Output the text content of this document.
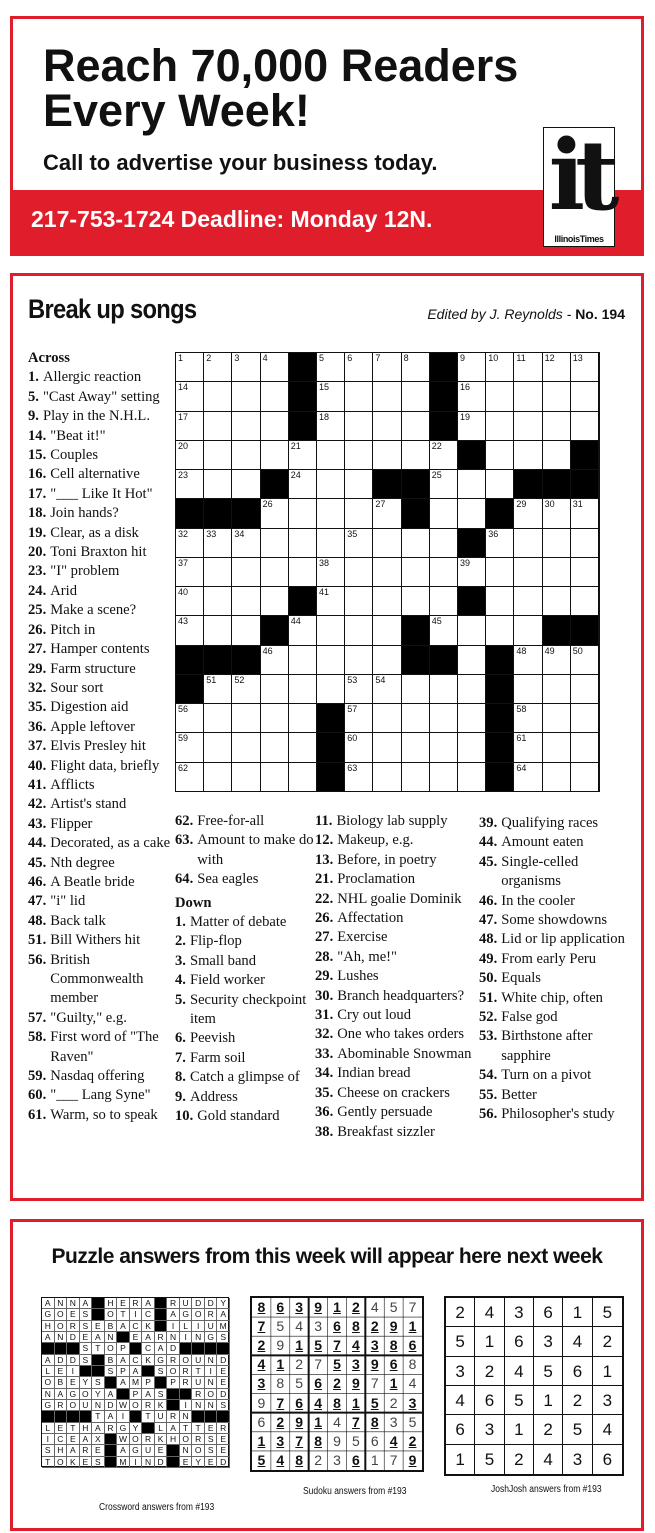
Reach 70,000 Readers Every Week!
Call to advertise your business today.
217-753-1724 Deadline: Monday 12N. it
IllinoisTimes
Break up songs	Edited by J. Reynolds - No. 194
Across
1. Allergic reaction
5. "Cast Away" setting
9. Play in the N.H.L.
14. "Beat it!"
15. Couples
16. Cell alternative
17. "___ Like It Hot"
18. Join hands?
19. Clear, as a disk
20. Toni Braxton hit
23. "I" problem
24. Arid
25. Make a scene?
26. Pitch in
27. Hamper contents
29. Farm structure
32. Sour sort
35. Digestion aid
36. Apple leftover
37. Elvis Presley hit
40. Flight data, briefly
41. Afflicts
42. Artist's stand
43. Flipper
44. Decorated, as a cake
45. Nth degree
46. A Beatle bride
47. "i" lid
48. Back talk
51. Bill Withers hit
56. British Commonwealth member
57. "Guilty," e.g.
58. First word of "The Raven"
59. Nasdaq offering
60. "___ Lang Syne"
61. Warm, so to speak
1	2	3	4	5	6	7	8	9	10 11 12 13
14	15	16
17	18	19
20	21	22
23	24	25
26	27	29 30 31
32 33 34	35	36
37	38	39
40	41
43	44	45
46	48 49 50
51 52	53 54
56	57	58
59	60	61
62	63	64
62. Free-for-all
63. Amount to make do with
64. Sea eagles
Down
1. Matter of debate
2. Flip-flop
3. Small band
4. Field worker
5. Security checkpoint item
6. Peevish
7. Farm soil
8. Catch a glimpse of
9. Address
10. Gold standard
11. Biology lab supply
12. Makeup, e.g.
13. Before, in poetry
21. Proclamation
22. NHL goalie Dominik
26. Affectation
27. Exercise
28. "Ah, me!"
29. Lushes
30. Branch headquarters?
31. Cry out loud
32. One who takes orders
33. Abominable Snowman
34. Indian bread
35. Cheese on crackers
36. Gently persuade
38. Breakfast sizzler
39. Qualifying races
44. Amount eaten
45. Single-celled organisms
46. In the cooler
47. Some showdowns
48. Lid or lip application
49. From early Peru
50. Equals
51. White chip, often
52. False god
53. Birthstone after sapphire
54. Turn on a pivot
55. Better
56. Philosopher's study
Puzzle answers from this week will appear here next week
A N N A	H E R A	R U D D Y
G O E S	O T	I C	A G O R A
H O R S E B A C K	I	L	I U M
A N D E A N	E A R N I N G S
S T O P	C A D
A D D S	B A C K G R O U N D
L E	I	S P A	S O R T	I	E
O B E Y S	A M P	P R U N E
N A G O Y A	P A S	R O D
G R O U N D W O R K	I N N S
T A	I	T U R N
L E T H A R G Y	L A T T E R
I C E A X	W O R K H O R S E
S H A R E	A G U E	N O S E
T O K E S	M I N D	E Y E D
8 6 3 9 1 2 4 5 7
7 5 4 3 6 8 2 9 1
2 9 1 5 7 4 3 8 6
4 1 2 7 5 3 9 6 8
3 8 5 6 2 9 7 1 4
9 7 6 4 8 1 5 2 3
6 2 9 1 4 7 8 3 5
1 3 7 8 9 5 6 4 2
5 4 8 2 3 6 1 7 9
2	4	3	6	1	5
5	1	6	3	4	2
3	2	4	5	6	1
4	6	5	1	2	3
6	3	1	2	5	4
1	5	2	4	3	6
Crossword answers from #193
Sudoku answers from #193	JoshJosh answers from #193
